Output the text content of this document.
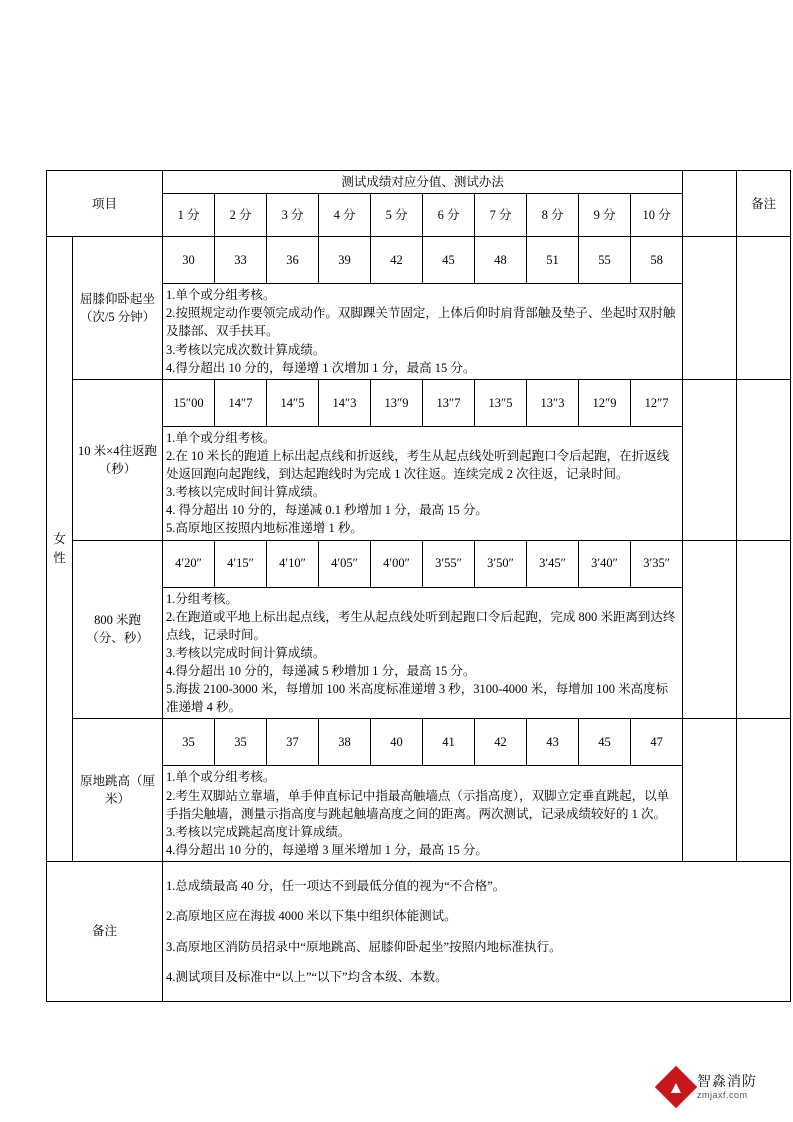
项目		测试成绩对应分值、测试办法											备注
		1 分	2 分	3 分	4 分	5 分	6 分	7 分	8 分	9 分	10 分		

女性	屈膝仰卧起坐（次/5 分钟）	30	33	36	39	42	45	48	51	55	58		

		1.单个或分组考核。

2.按照规定动作要领完成动作。双脚踝关节固定，上体后仰时肩背部触及垫子、坐起时双肘触及膝部、双手扶耳。

3.考核以完成次数计算成绩。

4.得分超出 10 分的，每递增 1 次增加 1 分，最高 15 分。											

	10 米×4往返跑（秒）	15″00	14″7	14″5	14″3	13″9	13″7	13″5	13″3	12″9	12″7		

		1.单个或分组考核。

2.在 10 米长的跑道上标出起点线和折返线，考生从起点线处听到起跑口令后起跑，在折返线处返回跑向起跑线，到达起跑线时为完成 1 次往返。连续完成 2 次往返，记录时间。

3.考核以完成时间计算成绩。

4. 得分超出 10 分的，每递减 0.1 秒增加 1 分，最高 15 分。

5.高原地区按照内地标准递增 1 秒。											

	800 米跑（分、秒）	4′20″	4′15″	4′10″	4′05″	4′00″	3′55″	3′50″	3′45″	3′40″	3′35″		

		1.分组考核。

2.在跑道或平地上标出起点线，考生从起点线处听到起跑口令后起跑，完成 800 米距离到达终点线，记录时间。

3.考核以完成时间计算成绩。

4.得分超出 10 分的，每递减 5 秒增加 1 分，最高 15 分。

5.海拔 2100-3000 米，每增加 100 米高度标准递增 3 秒，3100-4000 米，每增加 100 米高度标准递增 4 秒。											

	原地跳高（厘米）	35	35	37	38	40	41	42	43	45	47		

		1.单个或分组考核。

2.考生双脚站立靠墙，单手伸直标记中指最高触墙点（示指高度），双脚立定垂直跳起，以单手指尖触墙，测量示指高度与跳起触墙高度之间的距离。两次测试，记录成绩较好的 1 次。

3.考核以完成跳起高度计算成绩。

4.得分超出 10 分的，每递增 3 厘米增加 1 分，最高 15 分。											

备注		1.总成绩最高 40 分，任一项达不到最低分值的视为“不合格”。

2.高原地区应在海拔 4000 米以下集中组织体能测试。

3.高原地区消防员招录中“原地跳高、屈膝仰卧起坐”按照内地标准执行。

4.测试项目及标准中“以上”“以下”均含本级、本数。											

▲ 智淼消防
zmjaxf.com
